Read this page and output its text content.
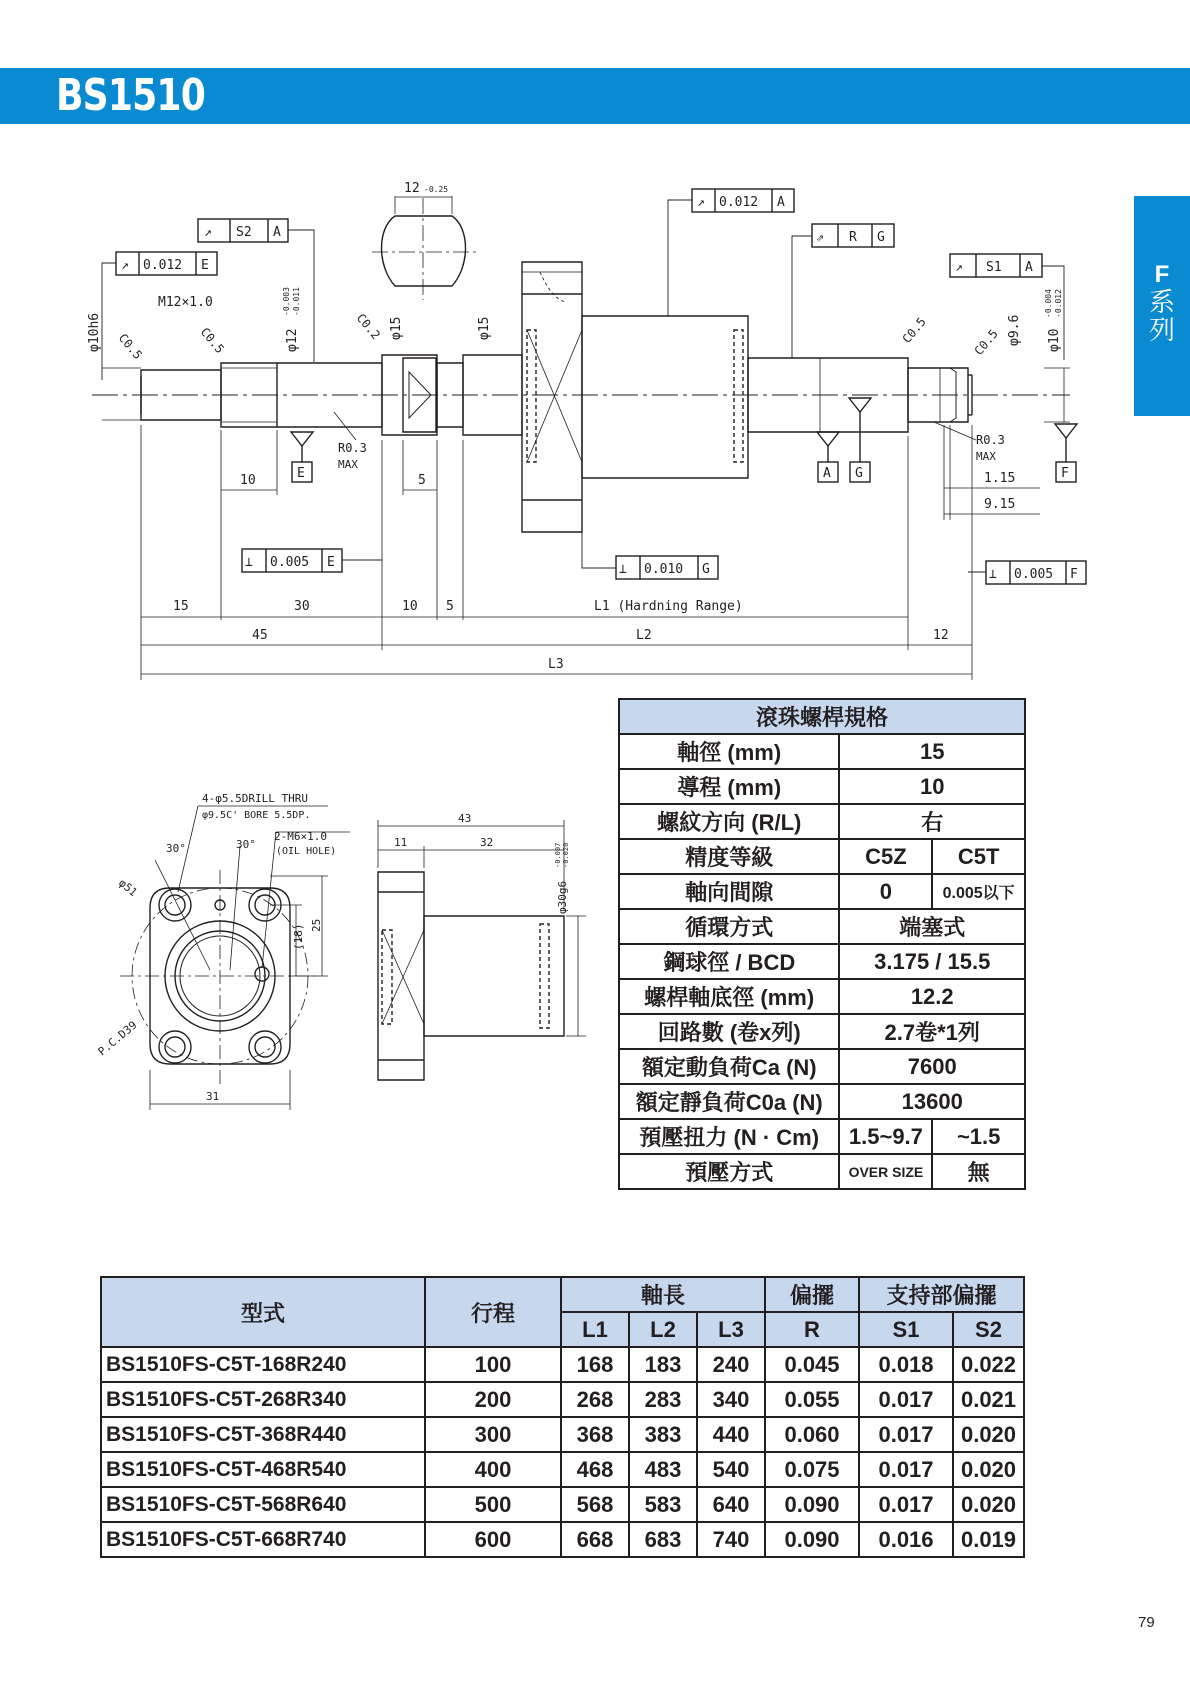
BS1510
F
系列
↗ S2 A
↗ 0.012 E
↗ 0.012 A
⇗ R G
↗ S1 A
12 -0.25
M12×1.0
φ10h6	φ12
-0.003 -0.011
φ15	φ15	φ9.6 φ10
-0.004 -0.012
C0.5	C0.5	C0.2	C0.5	C0.5
R0.3
MAX
R0.3
MAX
E	A G	F
10	5	1.15
9.15
⊥ 0.005 E	⊥ 0.010 G	⊥ 0.005 F
15	30	10 5	L1 (Hardning Range)
45	L2	12
L3
4-φ5.5DRILL THRU
φ9.5C' BORE 5.5DP.
2-M6×1.0
(OIL HOLE)
30°	30°
φ51
P.C.D39
31
25
(18)
43
11	32
φ30g6
-0.007 -0.020
滾珠螺桿規格		
軸徑 (mm)	15	
導程 (mm)	10	
螺紋方向 (R/L)	右	
精度等級	C5Z	C5T
軸向間隙	0	0.005以下
循環方式	端塞式	
鋼球徑 / BCD	3.175 / 15.5	
螺桿軸底徑 (mm)	12.2	
回路數 (卷x列)	2.7卷*1列	
額定動負荷Ca (N)	7600	
額定靜負荷C0a (N)	13600	
預壓扭力 (N · Cm)	1.5~9.7	~1.5
預壓方式	OVER SIZE	無
型式	行程	軸長			偏擺	支持部偏擺	
		L1	L2	L3	R	S1	S2
BS1510FS-C5T-168R240	100	168	183	240	0.045	0.018	0.022
BS1510FS-C5T-268R340	200	268	283	340	0.055	0.017	0.021
BS1510FS-C5T-368R440	300	368	383	440	0.060	0.017	0.020
BS1510FS-C5T-468R540	400	468	483	540	0.075	0.017	0.020
BS1510FS-C5T-568R640	500	568	583	640	0.090	0.017	0.020
BS1510FS-C5T-668R740	600	668	683	740	0.090	0.016	0.019
79
